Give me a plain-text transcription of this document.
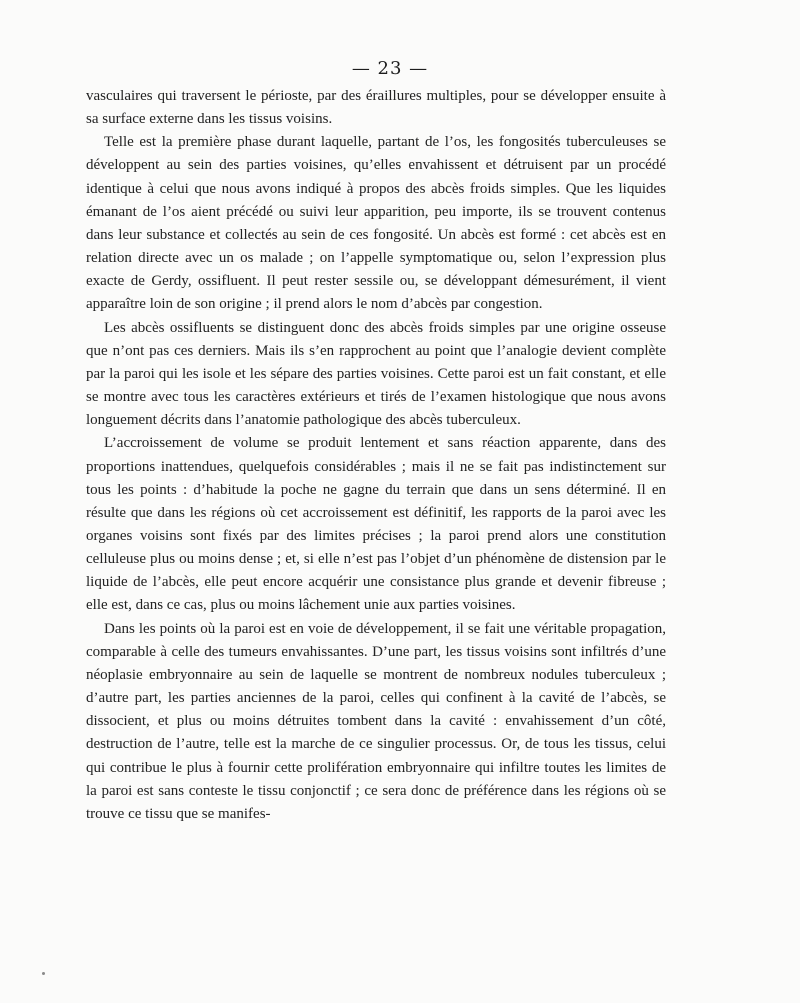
— 23 —

vasculaires qui traversent le périoste, par des éraillures multiples, pour se développer ensuite à sa surface externe dans les tissus voisins.

Telle est la première phase durant laquelle, partant de l’os, les fongosités tuberculeuses se développent au sein des parties voisines, qu’elles envahissent et détruisent par un procédé identique à celui que nous avons indiqué à propos des abcès froids simples. Que les liquides émanant de l’os aient précédé ou suivi leur apparition, peu importe, ils se trouvent contenus dans leur substance et collectés au sein de ces fongosité. Un abcès est formé : cet abcès est en relation directe avec un os malade ; on l’appelle symptomatique ou, selon l’expression plus exacte de Gerdy, ossifluent. Il peut rester sessile ou, se développant démesurément, il vient apparaître loin de son origine ; il prend alors le nom d’abcès par congestion.

Les abcès ossifluents se distinguent donc des abcès froids simples par une origine osseuse que n’ont pas ces derniers. Mais ils s’en rapprochent au point que l’analogie devient complète par la paroi qui les isole et les sépare des parties voisines. Cette paroi est un fait constant, et elle se montre avec tous les caractères extérieurs et tirés de l’examen histologique que nous avons longuement décrits dans l’anatomie pathologique des abcès tuberculeux.

L’accroissement de volume se produit lentement et sans réaction apparente, dans des proportions inattendues, quelquefois considérables ; mais il ne se fait pas indistinctement sur tous les points : d’habitude la poche ne gagne du terrain que dans un sens déterminé. Il en résulte que dans les régions où cet accroissement est définitif, les rapports de la paroi avec les organes voisins sont fixés par des limites précises ; la paroi prend alors une constitution celluleuse plus ou moins dense ; et, si elle n’est pas l’objet d’un phénomène de distension par le liquide de l’abcès, elle peut encore acquérir une consistance plus grande et devenir fibreuse ; elle est, dans ce cas, plus ou moins lâchement unie aux parties voisines.

Dans les points où la paroi est en voie de développement, il se fait une véritable propagation, comparable à celle des tumeurs envahissantes. D’une part, les tissus voisins sont infiltrés d’une néoplasie embryonnaire au sein de laquelle se montrent de nombreux nodules tuberculeux ; d’autre part, les parties anciennes de la paroi, celles qui confinent à la cavité de l’abcès, se dissocient, et plus ou moins détruites tombent dans la cavité : envahissement d’un côté, destruction de l’autre, telle est la marche de ce singulier processus. Or, de tous les tissus, celui qui contribue le plus à fournir cette prolifération embryonnaire qui infiltre toutes les limites de la paroi est sans conteste le tissu conjonctif ; ce sera donc de préférence dans les régions où se trouve ce tissu que se manifes-
